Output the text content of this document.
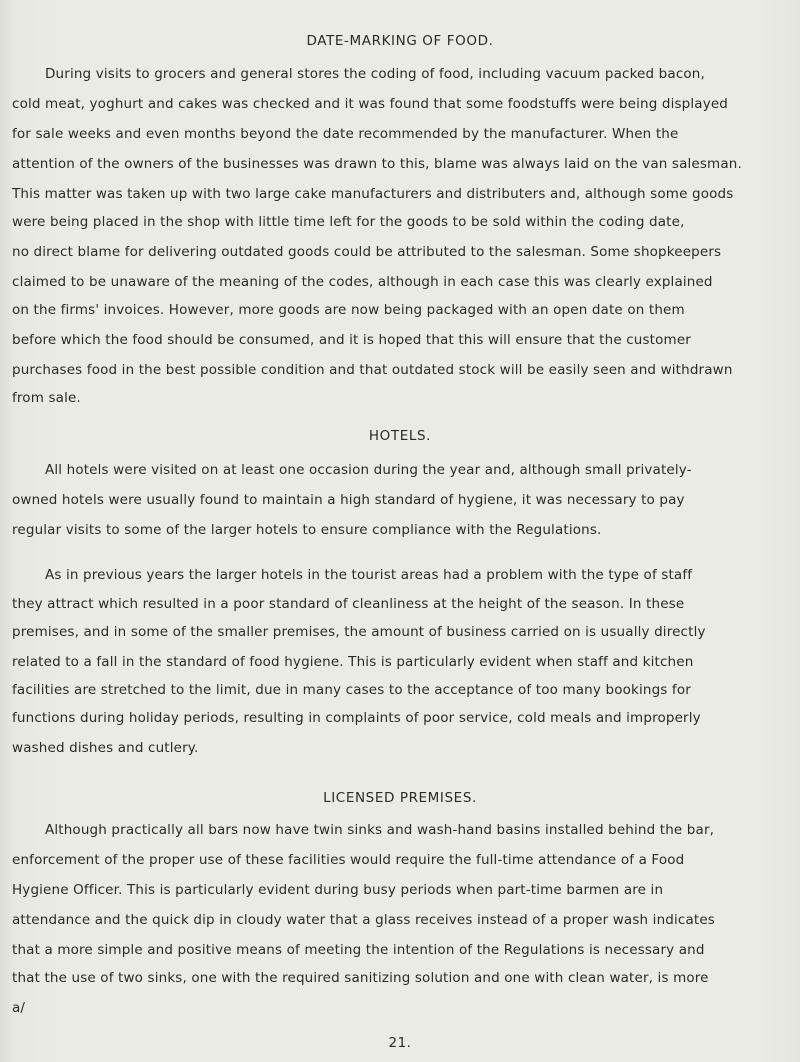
DATE-MARKING OF FOOD.
During visits to grocers and general stores the coding of food, including vacuum packed bacon,
cold meat, yoghurt and cakes was checked and it was found that some foodstuffs were being displayed
for sale weeks and even months beyond the date recommended by the manufacturer. When the
attention of the owners of the businesses was drawn to this, blame was always laid on the van salesman.
This matter was taken up with two large cake manufacturers and distributers and, although some goods
were being placed in the shop with little time left for the goods to be sold within the coding date,
no direct blame for delivering outdated goods could be attributed to the salesman. Some shopkeepers
claimed to be unaware of the meaning of the codes, although in each case this was clearly explained
on the firms' invoices. However, more goods are now being packaged with an open date on them
before which the food should be consumed, and it is hoped that this will ensure that the customer
purchases food in the best possible condition and that outdated stock will be easily seen and withdrawn
from sale.
HOTELS.
All hotels were visited on at least one occasion during the year and, although small privately-
owned hotels were usually found to maintain a high standard of hygiene, it was necessary to pay
regular visits to some of the larger hotels to ensure compliance with the Regulations.
As in previous years the larger hotels in the tourist areas had a problem with the type of staff
they attract which resulted in a poor standard of cleanliness at the height of the season. In these
premises, and in some of the smaller premises, the amount of business carried on is usually directly
related to a fall in the standard of food hygiene. This is particularly evident when staff and kitchen
facilities are stretched to the limit, due in many cases to the acceptance of too many bookings for
functions during holiday periods, resulting in complaints of poor service, cold meals and improperly
washed dishes and cutlery.
LICENSED PREMISES.
Although practically all bars now have twin sinks and wash-hand basins installed behind the bar,
enforcement of the proper use of these facilities would require the full-time attendance of a Food
Hygiene Officer. This is particularly evident during busy periods when part-time barmen are in
attendance and the quick dip in cloudy water that a glass receives instead of a proper wash indicates
that a more simple and positive means of meeting the intention of the Regulations is necessary and
that the use of two sinks, one with the required sanitizing solution and one with clean water, is more
a/
21.
